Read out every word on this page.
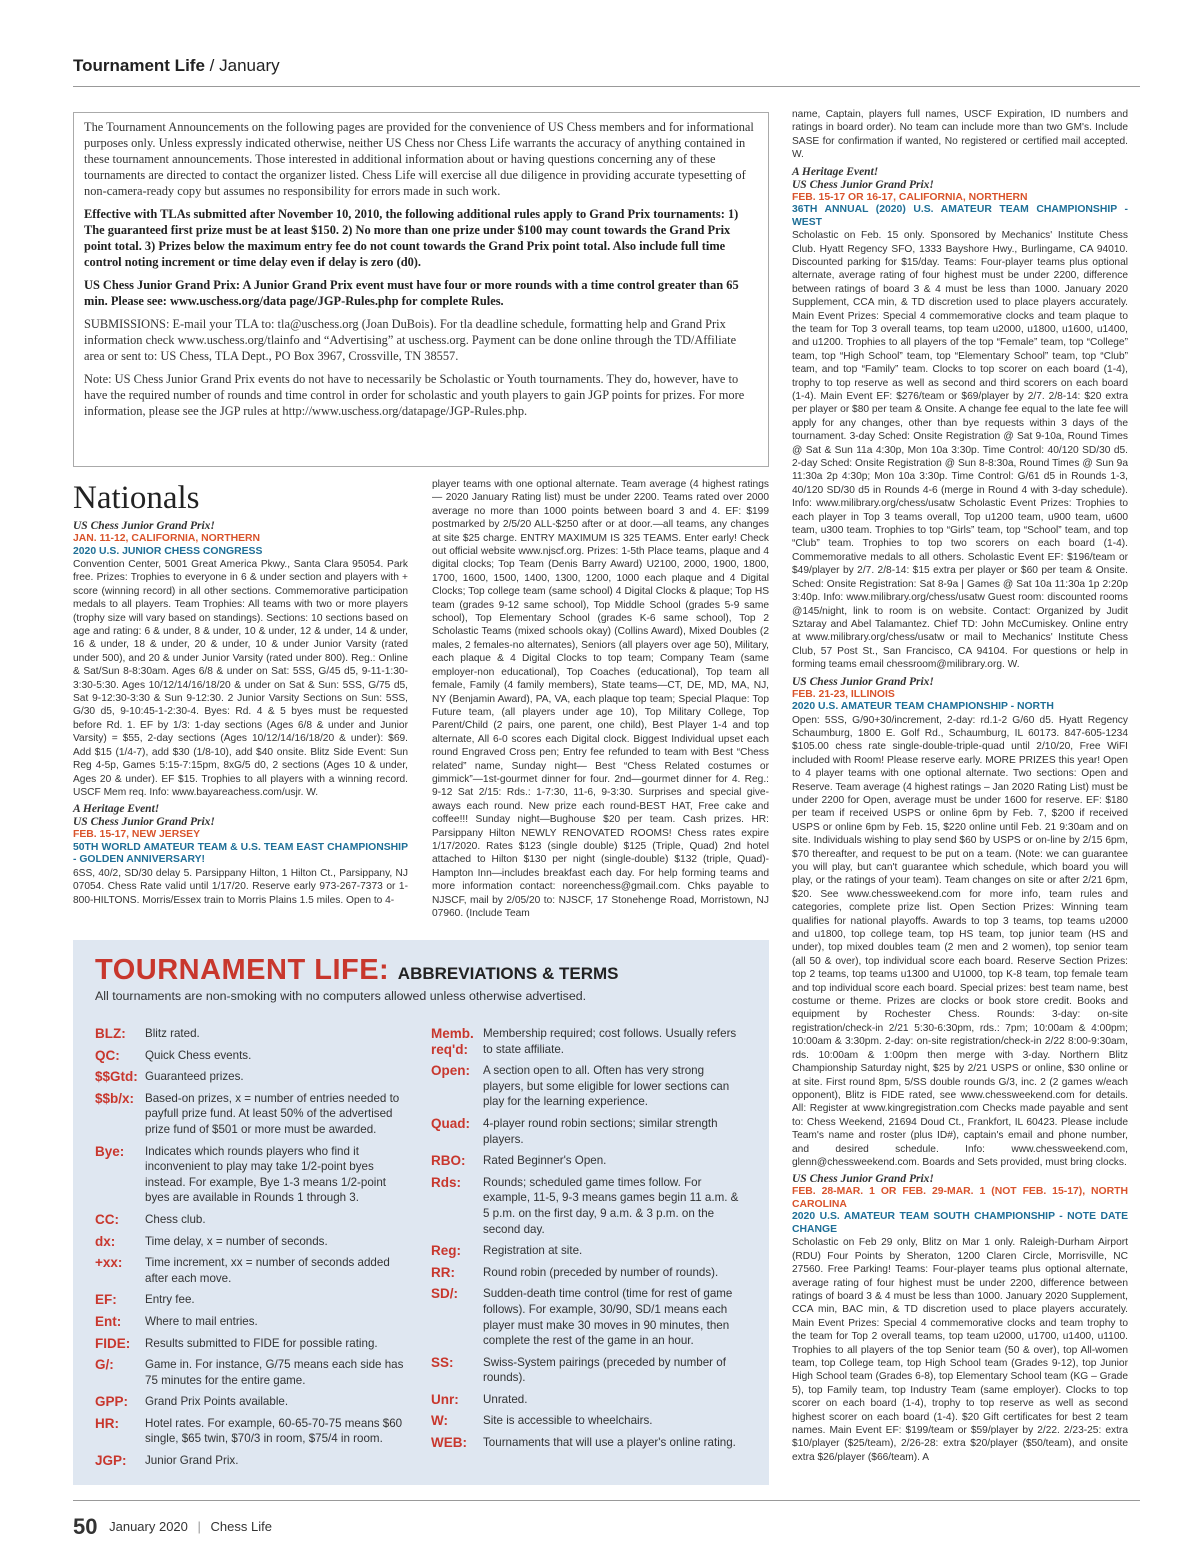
Tournament Life / January

The Tournament Announcements on the following pages are provided for the convenience of US Chess members and for informational purposes only. Unless expressly indicated otherwise, neither US Chess nor Chess Life warrants the accuracy of anything contained in these tournament announcements. Those interested in additional information about or having questions concerning any of these tournaments are directed to contact the organizer listed. Chess Life will exercise all due diligence in providing accurate typesetting of non-camera-ready copy but assumes no responsibility for errors made in such work.

Effective with TLAs submitted after November 10, 2010, the following additional rules apply to Grand Prix tournaments: 1) The guaranteed first prize must be at least $150. 2) No more than one prize under $100 may count towards the Grand Prix point total. 3) Prizes below the maximum entry fee do not count towards the Grand Prix point total. Also include full time control noting increment or time delay even if delay is zero (d0).

US Chess Junior Grand Prix: A Junior Grand Prix event must have four or more rounds with a time control greater than 65 min. Please see: www.uschess.org/data page/JGP-Rules.php for complete Rules.

SUBMISSIONS: E-mail your TLA to: tla@uschess.org (Joan DuBois). For tla deadline schedule, formatting help and Grand Prix information check www.uschess.org/tlainfo and “Advertising” at uschess.org. Payment can be done online through the TD/Affiliate area or sent to: US Chess, TLA Dept., PO Box 3967, Crossville, TN 38557.

Note: US Chess Junior Grand Prix events do not have to necessarily be Scholastic or Youth tournaments. They do, however, have to have the required number of rounds and time control in order for scholastic and youth players to gain JGP points for prizes. For more information, please see the JGP rules at http://www.uschess.org/datapage/JGP-Rules.php.

Nationals
US Chess Junior Grand Prix!
JAN. 11-12, CALIFORNIA, NORTHERN
2020 U.S. JUNIOR CHESS CONGRESS

Convention Center, 5001 Great America Pkwy., Santa Clara 95054. Park free. Prizes: Trophies to everyone in 6 & under section and players with + score (winning record) in all other sections. Commemorative participation medals to all players. Team Trophies: All teams with two or more players (trophy size will vary based on standings). Sections: 10 sections based on age and rating: 6 & under, 8 & under, 10 & under, 12 & under, 14 & under, 16 & under, 18 & under, 20 & under, 10 & under Junior Varsity (rated under 500), and 20 & under Junior Varsity (rated under 800). Reg.: Online & Sat/Sun 8-8:30am. Ages 6/8 & under on Sat: 5SS, G/45 d5, 9-11-1:30-3:30-5:30. Ages 10/12/14/16/18/20 & under on Sat & Sun: 5SS, G/75 d5, Sat 9-12:30-3:30 & Sun 9-12:30. 2 Junior Varsity Sections on Sun: 5SS, G/30 d5, 9-10:45-1-2:30-4. Byes: Rd. 4 & 5 byes must be requested before Rd. 1. EF by 1/3: 1-day sections (Ages 6/8 & under and Junior Varsity) = $55, 2-day sections (Ages 10/12/14/16/18/20 & under): $69. Add $15 (1/4-7), add $30 (1/8-10), add $40 onsite. Blitz Side Event: Sun Reg 4-5p, Games 5:15-7:15pm, 8xG/5 d0, 2 sections (Ages 10 & under, Ages 20 & under). EF $15. Trophies to all players with a winning record. USCF Mem req. Info: www.bayareachess.com/usjr. W.

A Heritage Event!
US Chess Junior Grand Prix!
FEB. 15-17, NEW JERSEY
50TH WORLD AMATEUR TEAM & U.S. TEAM EAST CHAMPIONSHIP - GOLDEN ANNIVERSARY!

6SS, 40/2, SD/30 delay 5. Parsippany Hilton, 1 Hilton Ct., Parsippany, NJ 07054. Chess Rate valid until 1/17/20. Reserve early 973-267-7373 or 1-800-HILTONS. Morris/Essex train to Morris Plains 1.5 miles. Open to 4-

player teams with one optional alternate. Team average (4 highest ratings— 2020 January Rating list) must be under 2200. Teams rated over 2000 average no more than 1000 points between board 3 and 4. EF: $199 postmarked by 2/5/20 ALL-$250 after or at door.—all teams, any changes at site $25 charge. ENTRY MAXIMUM IS 325 TEAMS. Enter early! Check out official website www.njscf.org. Prizes: 1-5th Place teams, plaque and 4 digital clocks; Top Team (Denis Barry Award) U2100, 2000, 1900, 1800, 1700, 1600, 1500, 1400, 1300, 1200, 1000 each plaque and 4 Digital Clocks; Top college team (same school) 4 Digital Clocks & plaque; Top HS team (grades 9-12 same school), Top Middle School (grades 5-9 same school), Top Elementary School (grades K-6 same school), Top 2 Scholastic Teams (mixed schools okay) (Collins Award), Mixed Doubles (2 males, 2 females-no alternates), Seniors (all players over age 50), Military, each plaque & 4 Digital Clocks to top team; Company Team (same employer-non educational), Top Coaches (educational), Top team all female, Family (4 family members), State teams—CT, DE, MD, MA, NJ, NY (Benjamin Award), PA, VA, each plaque top team; Special Plaque: Top Future team, (all players under age 10), Top Military College, Top Parent/Child (2 pairs, one parent, one child), Best Player 1-4 and top alternate, All 6-0 scores each Digital clock. Biggest Individual upset each round Engraved Cross pen; Entry fee refunded to team with Best “Chess related” name, Sunday night— Best “Chess Related costumes or gimmick”—1st-gourmet dinner for four. 2nd—gourmet dinner for 4. Reg.: 9-12 Sat 2/15: Rds.: 1-7:30, 11-6, 9-3:30. Surprises and special give-aways each round. New prize each round-BEST HAT, Free cake and coffee!!! Sunday night—Bughouse $20 per team. Cash prizes. HR: Parsippany Hilton NEWLY RENOVATED ROOMS! Chess rates expire 1/17/2020. Rates $123 (single double) $125 (Triple, Quad) 2nd hotel attached to Hilton $130 per night (single-double) $132 (triple, Quad)-Hampton Inn—includes breakfast each day. For help forming teams and more information contact: noreenchess@gmail.com. Chks payable to NJSCF, mail by 2/05/20 to: NJSCF, 17 Stonehenge Road, Morristown, NJ 07960. (Include Team

name, Captain, players full names, USCF Expiration, ID numbers and ratings in board order). No team can include more than two GM's. Include SASE for confirmation if wanted, No registered or certified mail accepted. W.

A Heritage Event!
US Chess Junior Grand Prix!
FEB. 15-17 OR 16-17, CALIFORNIA, NORTHERN
36TH ANNUAL (2020) U.S. AMATEUR TEAM CHAMPIONSHIP - WEST

Scholastic on Feb. 15 only. Sponsored by Mechanics' Institute Chess Club. Hyatt Regency SFO, 1333 Bayshore Hwy., Burlingame, CA 94010. Discounted parking for $15/day. Teams: Four-player teams plus optional alternate, average rating of four highest must be under 2200, difference between ratings of board 3 & 4 must be less than 1000. January 2020 Supplement, CCA min, & TD discretion used to place players accurately. Main Event Prizes: Special 4 commemorative clocks and team plaque to the team for Top 3 overall teams, top team u2000, u1800, u1600, u1400, and u1200. Trophies to all players of the top “Female” team, top “College” team, top “High School” team, top “Elementary School” team, top “Club” team, and top “Family” team. Clocks to top scorer on each board (1-4), trophy to top reserve as well as second and third scorers on each board (1-4). Main Event EF: $276/team or $69/player by 2/7. 2/8-14: $20 extra per player or $80 per team & Onsite. A change fee equal to the late fee will apply for any changes, other than bye requests within 3 days of the tournament. 3-day Sched: Onsite Registration @ Sat 9-10a, Round Times @ Sat & Sun 11a 4:30p, Mon 10a 3:30p. Time Control: 40/120 SD/30 d5. 2-day Sched: Onsite Registration @ Sun 8-8:30a, Round Times @ Sun 9a 11:30a 2p 4:30p; Mon 10a 3:30p. Time Control: G/61 d5 in Rounds 1-3, 40/120 SD/30 d5 in Rounds 4-6 (merge in Round 4 with 3-day schedule). Info: www.milibrary.org/chess/usatw Scholastic Event Prizes: Trophies to each player in Top 3 teams overall, Top u1200 team, u900 team, u600 team, u300 team. Trophies to top “Girls” team, top “School” team, and top “Club” team. Trophies to top two scorers on each board (1-4). Commemorative medals to all others. Scholastic Event EF: $196/team or $49/player by 2/7. 2/8-14: $15 extra per player or $60 per team & Onsite. Sched: Onsite Registration: Sat 8-9a | Games @ Sat 10a 11:30a 1p 2:20p 3:40p. Info: www.milibrary.org/chess/usatw Guest room: discounted rooms @145/night, link to room is on website. Contact: Organized by Judit Sztaray and Abel Talamantez. Chief TD: John McCumiskey. Online entry at www.milibrary.org/chess/usatw or mail to Mechanics' Institute Chess Club, 57 Post St., San Francisco, CA 94104. For questions or help in forming teams email chessroom@milibrary.org. W.

US Chess Junior Grand Prix!
FEB. 21-23, ILLINOIS
2020 U.S. AMATEUR TEAM CHAMPIONSHIP - NORTH

Open: 5SS, G/90+30/increment, 2-day: rd.1-2 G/60 d5. Hyatt Regency Schaumburg, 1800 E. Golf Rd., Schaumburg, IL 60173. 847-605-1234 $105.00 chess rate single-double-triple-quad until 2/10/20, Free WiFI included with Room! Please reserve early. MORE PRIZES this year! Open to 4 player teams with one optional alternate. Two sections: Open and Reserve. Team average (4 highest ratings – Jan 2020 Rating List) must be under 2200 for Open, average must be under 1600 for reserve. EF: $180 per team if received USPS or online 6pm by Feb. 7, $200 if received USPS or online 6pm by Feb. 15, $220 online until Feb. 21 9:30am and on site. Individuals wishing to play send $60 by USPS or on-line by 2/15 6pm, $70 thereafter, and request to be put on a team. (Note: we can guarantee you will play, but can't guarantee which schedule, which board you will play, or the ratings of your team). Team changes on site or after 2/21 6pm, $20. See www.chessweekend.com for more info, team rules and categories, complete prize list. Open Section Prizes: Winning team qualifies for national playoffs. Awards to top 3 teams, top teams u2000 and u1800, top college team, top HS team, top junior team (HS and under), top mixed doubles team (2 men and 2 women), top senior team (all 50 & over), top individual score each board. Reserve Section Prizes: top 2 teams, top teams u1300 and U1000, top K-8 team, top female team and top individual score each board. Special prizes: best team name, best costume or theme. Prizes are clocks or book store credit. Books and equipment by Rochester Chess. Rounds: 3-day: on-site registration/check-in 2/21 5:30-6:30pm, rds.: 7pm; 10:00am & 4:00pm; 10:00am & 3:30pm. 2-day: on-site registration/check-in 2/22 8:00-9:30am, rds. 10:00am & 1:00pm then merge with 3-day. Northern Blitz Championship Saturday night, $25 by 2/21 USPS or online, $30 online or at site. First round 8pm, 5/SS double rounds G/3, inc. 2 (2 games w/each opponent), Blitz is FIDE rated, see www.chessweekend.com for details. All: Register at www.kingregistration.com Checks made payable and sent to: Chess Weekend, 21694 Doud Ct., Frankfort, IL 60423. Please include Team's name and roster (plus ID#), captain's email and phone number, and desired schedule. Info: www.chessweekend.com, glenn@chessweekend.com. Boards and Sets provided, must bring clocks.

US Chess Junior Grand Prix!
FEB. 28-MAR. 1 OR FEB. 29-MAR. 1 (NOT FEB. 15-17), NORTH CAROLINA
2020 U.S. AMATEUR TEAM SOUTH CHAMPIONSHIP - NOTE DATE CHANGE

Scholastic on Feb 29 only, Blitz on Mar 1 only. Raleigh-Durham Airport (RDU) Four Points by Sheraton, 1200 Claren Circle, Morrisville, NC 27560. Free Parking! Teams: Four-player teams plus optional alternate, average rating of four highest must be under 2200, difference between ratings of board 3 & 4 must be less than 1000. January 2020 Supplement, CCA min, BAC min, & TD discretion used to place players accurately. Main Event Prizes: Special 4 commemorative clocks and team trophy to the team for Top 2 overall teams, top team u2000, u1700, u1400, u1100. Trophies to all players of the top Senior team (50 & over), top All-women team, top College team, top High School team (Grades 9-12), top Junior High School team (Grades 6-8), top Elementary School team (KG – Grade 5), top Family team, top Industry Team (same employer). Clocks to top scorer on each board (1-4), trophy to top reserve as well as second highest scorer on each board (1-4). $20 Gift certificates for best 2 team names. Main Event EF: $199/team or $59/player by 2/22. 2/23-25: extra $10/player ($25/team), 2/26-28: extra $20/player ($50/team), and onsite extra $26/player ($66/team). A

TOURNAMENT LIFE: ABBREVIATIONS & TERMS
All tournaments are non-smoking with no computers allowed unless otherwise advertised.
BLZ:	Blitz rated.
QC:	Quick Chess events.
$$Gtd: Guaranteed prizes.
$$b/x: Based-on prizes, x = number of entries needed to payfull prize fund. At least 50% of the advertised prize fund of $501 or more must be awarded.
Bye:	Indicates which rounds players who find it inconvenient to play may take 1/2-point byes instead. For example, Bye 1-3 means 1/2-point byes are available in Rounds 1 through 3.
CC:	Chess club.
dx:	Time delay, x = number of seconds.
+xx:	Time increment, xx = number of seconds added after each move.
EF:	Entry fee.
Ent:	Where to mail entries.
FIDE:	Results submitted to FIDE for possible rating.
G/:	Game in. For instance, G/75 means each side has 75 minutes for the entire game.
GPP:	Grand Prix Points available.
HR:	Hotel rates. For example, 60-65-70-75 means $60 single, $65 twin, $70/3 in room, $75/4 in room.
JGP:	Junior Grand Prix.
Memb. req'd:
Membership required; cost follows. Usually refers to state affiliate.
Open:	A section open to all. Often has very strong players, but some eligible for lower sections can play for the learning experience.
Quad:	4-player round robin sections; similar strength players.
RBO:	Rated Beginner's Open.
Rds:	Rounds; scheduled game times follow. For example, 11-5, 9-3 means games begin 11 a.m. & 5 p.m. on the first day, 9 a.m. & 3 p.m. on the second day.
Reg:	Registration at site.
RR:	Round robin (preceded by number of rounds).
SD/:	Sudden-death time control (time for rest of game follows). For example, 30/90, SD/1 means each player must make 30 moves in 90 minutes, then complete the rest of the game in an hour.
SS:	Swiss-System pairings (preceded by number of rounds).
Unr:	Unrated.
W:	Site is accessible to wheelchairs.
WEB:	Tournaments that will use a player's online rating.
50 January 2020 | Chess Life
